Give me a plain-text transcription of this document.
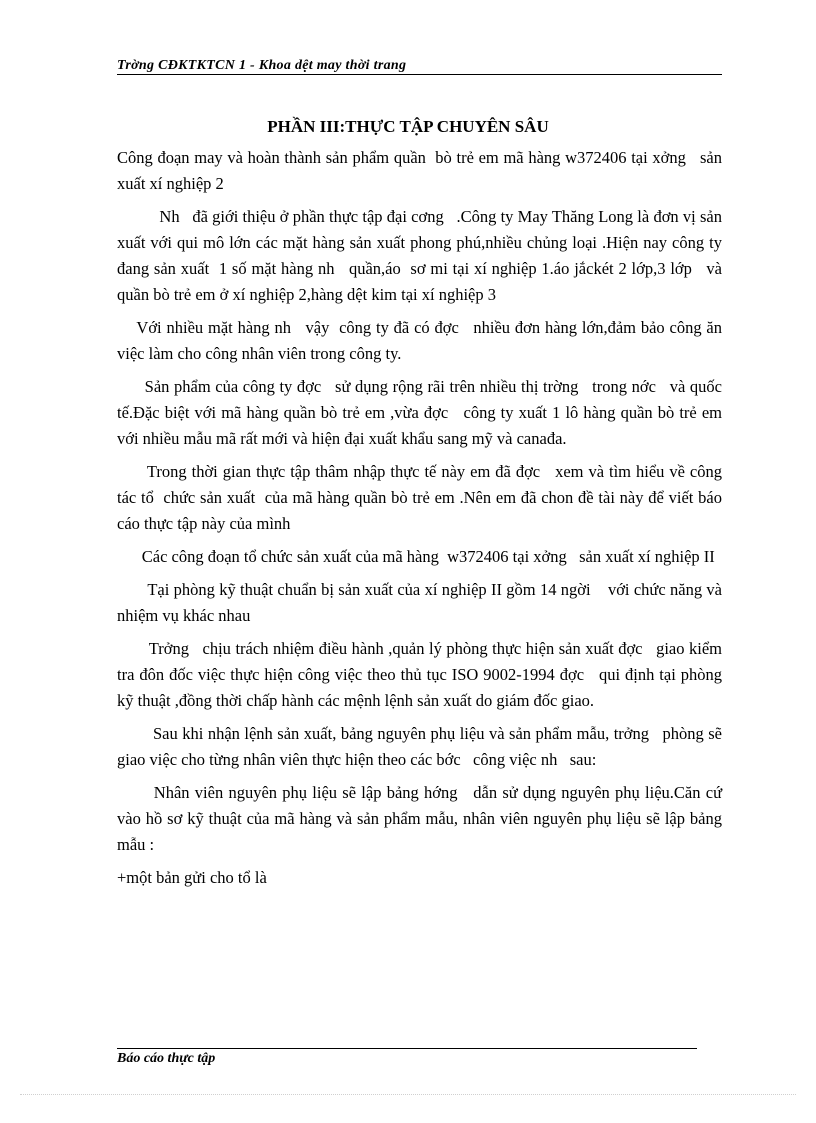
Trờng CĐKTKTCN 1 - Khoa dệt may thời trang
PHẦN III:THỰC TẬP CHUYÊN SÂU

Công đoạn may và hoàn thành sản phẩm quần  bò trẻ em mã hàng w372406 tại xởng   sản xuất xí nghiệp 2

Nh   đã giới thiệu ở phần thực tập đại cơng   .Công ty May Thăng Long là đơn vị sản xuất với qui mô lớn các mặt hàng sản xuất phong phú,nhiều chủng loại .Hiện nay công ty đang sản xuất  1 số mặt hàng nh   quần,áo  sơ mi tại xí nghiệp 1.áo jắckét 2 lớp,3 lớp   và quần bò trẻ em ở xí nghiệp 2,hàng dệt kim tại xí nghiệp 3

Với nhiều mặt hàng nh   vậy  công ty đã có đợc   nhiều đơn hàng lớn,đảm bảo công ăn việc làm cho công nhân viên trong công ty.

Sản phẩm của công ty đợc   sử dụng rộng rãi trên nhiều thị trờng   trong nớc   và quốc tế.Đặc biệt với mã hàng quần bò trẻ em ,vừa đợc   công ty xuất 1 lô hàng quần bò trẻ em với nhiều mẫu mã rất mới và hiện đại xuất khẩu sang mỹ và canađa.

Trong thời gian thực tập thâm nhập thực tế này em đã đợc   xem và tìm hiểu về công tác tổ  chức sản xuất  của mã hàng quần bò trẻ em .Nên em đã chon đề tài này để viết báo cáo thực tập này của mình

Các công đoạn tổ chức sản xuất của mã hàng  w372406 tại xởng   sản xuất xí nghiệp II

Tại phòng kỹ thuật chuẩn bị sản xuất của xí nghiệp II gồm 14 ngời    với chức năng và nhiệm vụ khác nhau

Trởng   chịu trách nhiệm điều hành ,quản lý phòng thực hiện sản xuất đợc   giao kiểm tra đôn đốc việc thực hiện công việc theo thủ tục ISO 9002-1994 đợc   qui định tại phòng kỹ thuật ,đồng thời chấp hành các mệnh lệnh sản xuất do giám đốc giao.

Sau khi nhận lệnh sản xuất, bảng nguyên phụ liệu và sản phẩm mẫu, trởng   phòng sẽ giao việc cho từng nhân viên thực hiện theo các bớc   công việc nh   sau:

Nhân viên nguyên phụ liệu sẽ lập bảng hớng   dẫn sử dụng nguyên phụ liệu.Căn cứ vào hồ sơ kỹ thuật của mã hàng và sản phẩm mẫu, nhân viên nguyên phụ liệu sẽ lập bảng mẫu :

+một bản gửi cho tổ là

Báo cáo thực tập
